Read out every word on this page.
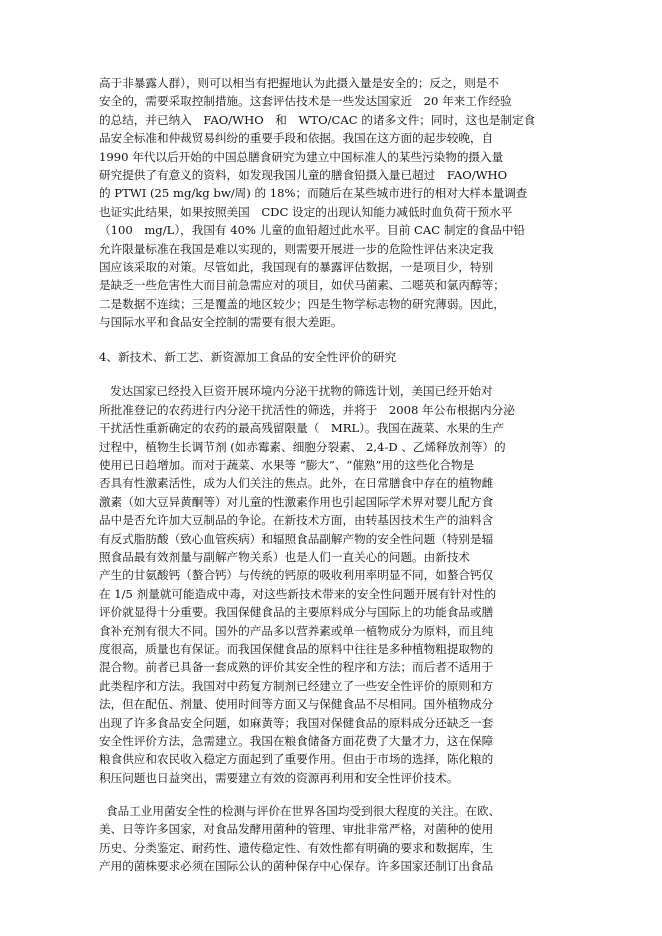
高于非暴露人群），则可以相当有把握地认为此摄入量是安全的；反之，则是不

安全的，需要采取控制措施。这套评估技术是一些发达国家近　20 年来工作经验

的总结，并已纳入　FAO/WHO　和　WTO/CAC 的诸多文件；同时，这也是制定食

品安全标准和仲裁贸易纠纷的重要手段和依据。我国在这方面的起步较晚，自

1990 年代以后开始的中国总膳食研究为建立中国标准人的某些污染物的摄入量

研究提供了有意义的资料，如发现我国儿童的膳食铅摄入量已超过　FAO/WHO

的 PTWI (25 mg/kg bw/周) 的 18%；而随后在某些城市进行的相对大样本量调查

也证实此结果，如果按照美国　CDC 设定的出现认知能力减低时血负荷干预水平

（100　mg/L），我国有 40% 儿童的血铅超过此水平。目前 CAC 制定的食品中铅

允许限量标准在我国是难以实现的，则需要开展进一步的危险性评估来决定我

国应该采取的对策。尽管如此，我国现有的暴露评估数据，一是项目少，特别

是缺乏一些危害性大而目前急需应对的项目，如伏马菌素、二噁英和氯丙醇等；

二是数据不连续；三是覆盖的地区较少；四是生物学标志物的研究薄弱。因此，

与国际水平和食品安全控制的需要有很大差距。

4、新技术、新工艺、新资源加工食品的安全性评价的研究

发达国家已经投入巨资开展环境内分泌干扰物的筛选计划，美国已经开始对

所批准登记的农药进行内分泌干扰活性的筛选，并将于　2008 年公布根据内分泌

干扰活性重新确定的农药的最高残留限量（　MRL）。我国在蔬菜、水果的生产

过程中，植物生长调节剂 (如赤霉素、细胞分裂素、 2,4-D 、乙烯释放剂等）的

使用已日趋增加。而对于蔬菜、水果等 “膨大”、“催熟”用的这些化合物是

否具有性激素活性，成为人们关注的焦点。此外，在日常膳食中存在的植物雌

激素（如大豆异黄酮等）对儿童的性激素作用也引起国际学术界对婴儿配方食

品中是否允许加大豆制品的争论。在新技术方面，由转基因技术生产的油料含

有反式脂肪酸（致心血管疾病）和辐照食品副解产物的安全性问题（特别是辐

照食品最有效剂量与副解产物关系）也是人们一直关心的问题。由新技术

产生的甘氨酸钙（螯合钙）与传统的钙原的吸收利用率明显不同，如螯合钙仅

在 1/5 剂量就可能造成中毒，对这些新技术带来的安全性问题开展有针对性的

评价就显得十分重要。我国保健食品的主要原料成分与国际上的功能食品或膳

食补充剂有很大不同。国外的产品多以营养素或单一植物成分为原料，而且纯

度很高，质量也有保证。而我国保健食品的原料中往往是多种植物粗提取物的

混合物。前者已具备一套成熟的评价其安全性的程序和方法；而后者不适用于

此类程序和方法。我国对中药复方制剂已经建立了一些安全性评价的原则和方

法，但在配伍、剂量、使用时间等方面又与保健食品不尽相同。国外植物成分

出现了许多食品安全问题，如麻黄等；我国对保健食品的原料成分还缺乏一套

安全性评价方法，急需建立。我国在粮食储备方面花费了大量才力，这在保障

粮食供应和农民收入稳定方面起到了重要作用。但由于市场的选择，陈化粮的

积压问题也日益突出，需要建立有效的资源再利用和安全性评价技术。

食品工业用菌安全性的检测与评价在世界各国均受到很大程度的关注。在欧、

美、日等许多国家，对食品发酵用菌种的管理、审批非常严格，对菌种的使用

历史、分类鉴定、耐药性、遗传稳定性、有效性都有明确的要求和数据库，生

产用的菌株要求必须在国际公认的菌种保存中心保存。许多国家还制订出食品
